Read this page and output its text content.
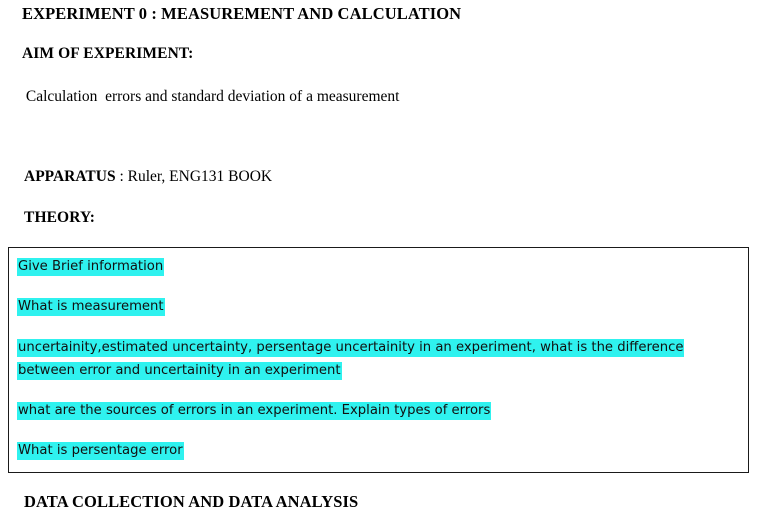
EXPERIMENT 0 : MEASUREMENT AND CALCULATION
AIM OF EXPERIMENT:
Calculation  errors and standard deviation of a measurement
APPARATUS : Ruler, ENG131 BOOK
THEORY:
Give Brief information
What is measurement
uncertainity,estimated uncertainty, persentage uncertainity in an experiment, what is the difference between error and uncertainity in an experiment
what are the sources of errors in an experiment. Explain types of errors
What is persentage error
DATA COLLECTION AND DATA ANALYSIS
